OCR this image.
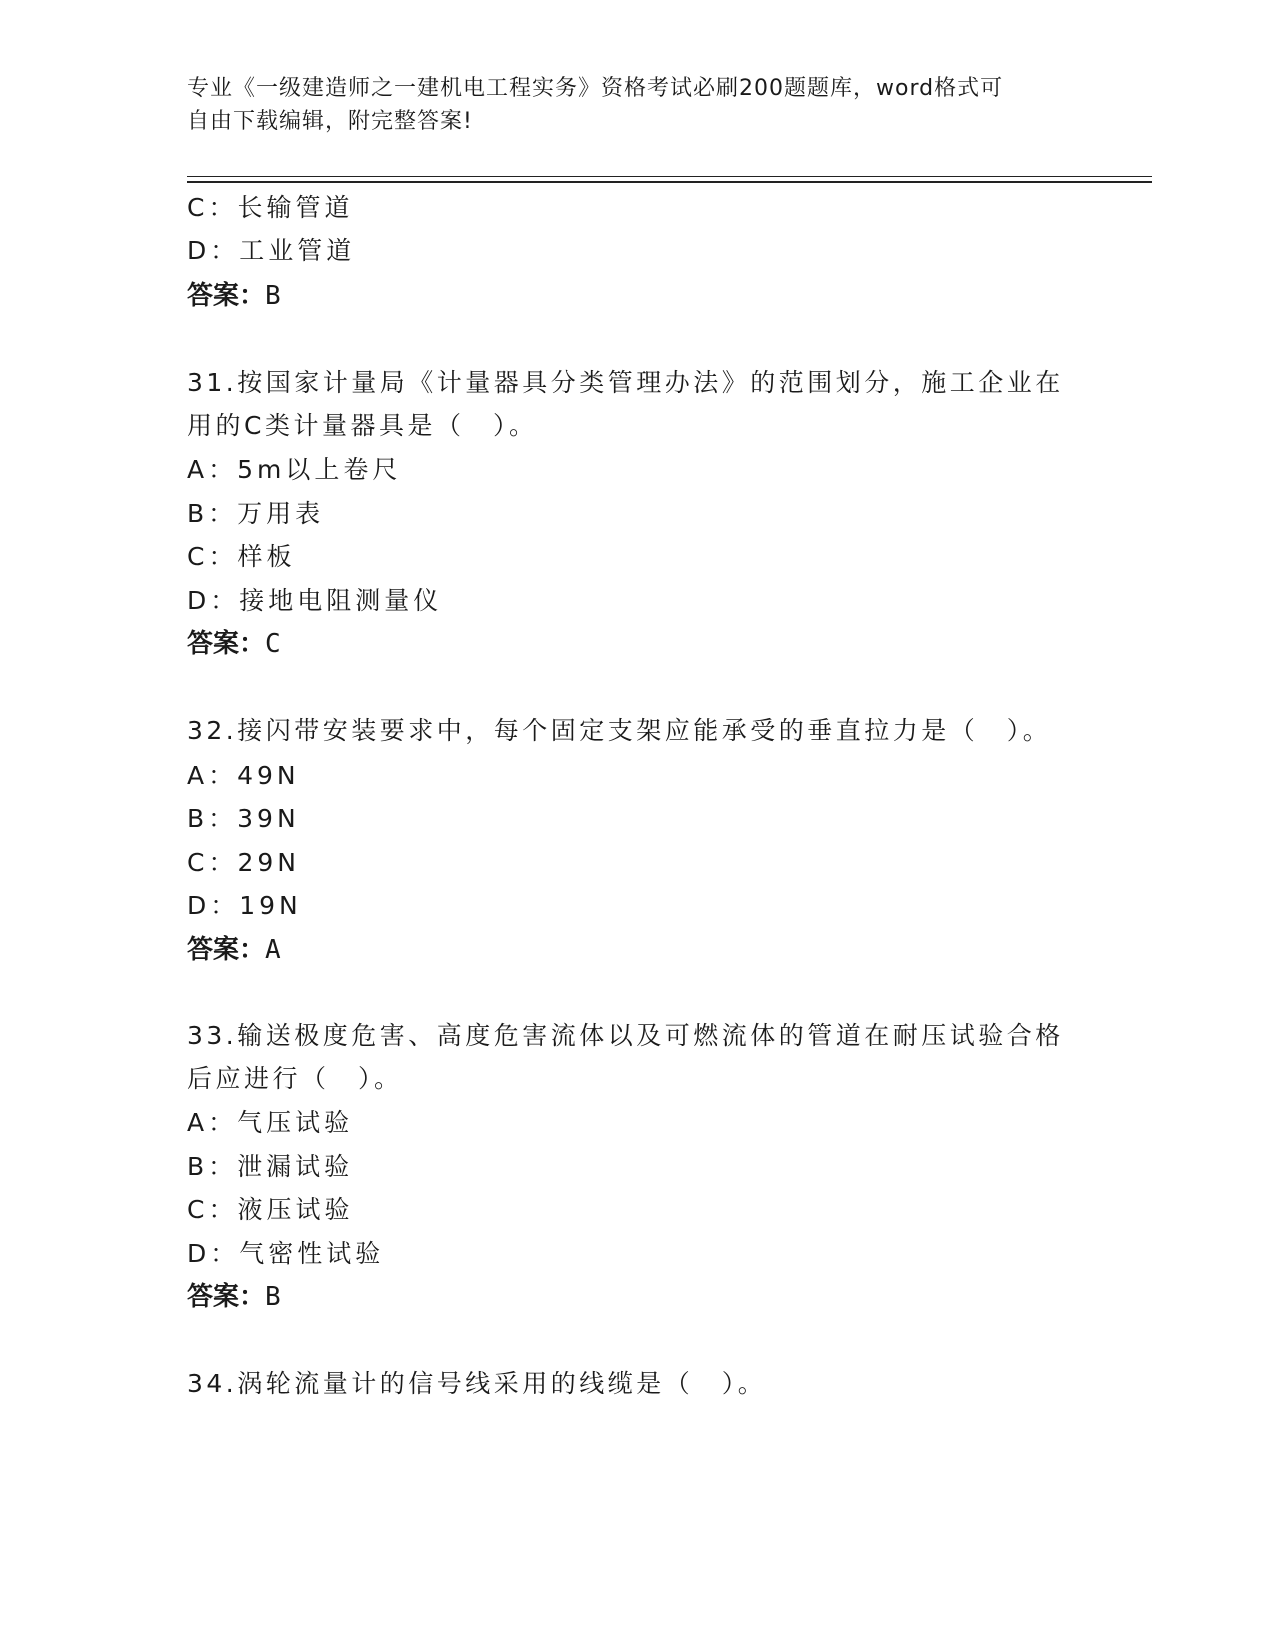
专业《一级建造师之一建机电工程实务》资格考试必刷200题题库，word格式可
自由下载编辑，附完整答案!
C：长输管道
D：工业管道
答案：B
31.按国家计量局《计量器具分类管理办法》的范围划分，施工企业在
用的C类计量器具是（　）。
A：5m以上卷尺
B：万用表
C：样板
D：接地电阻测量仪
答案：C
32.接闪带安装要求中，每个固定支架应能承受的垂直拉力是（　）。
A：49N
B：39N
C：29N
D：19N
答案：A
33.输送极度危害、高度危害流体以及可燃流体的管道在耐压试验合格
后应进行（　）。
A：气压试验
B：泄漏试验
C：液压试验
D：气密性试验
答案：B
34.涡轮流量计的信号线采用的线缆是（　）。
